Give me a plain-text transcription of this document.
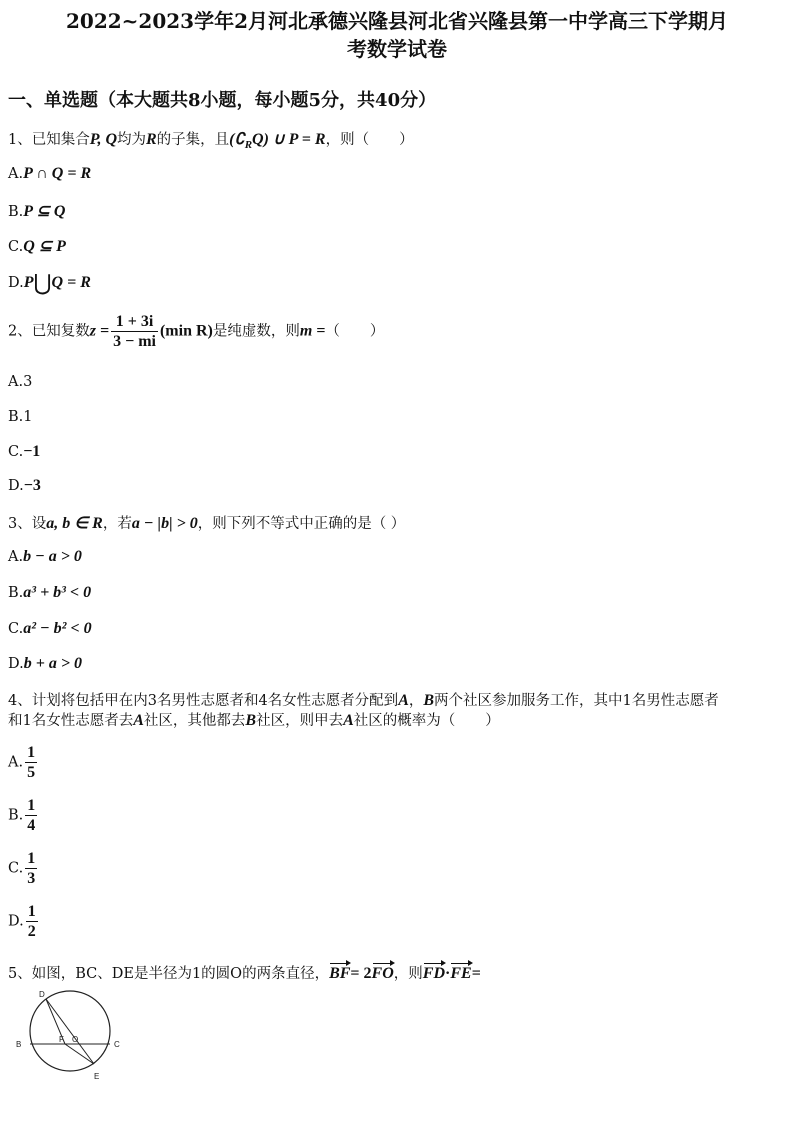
2022~2023学年2月河北承德兴隆县河北省兴隆县第一中学高三下学期月
考数学试卷
一、单选题（本大题共8小题，每小题5分，共40分）
1、已知集合P, Q均为R的子集，且$(∁_RQ)$ ∪ P = R，则（ ）
A.P ∩ Q = R
B.P ⊆ Q
C.Q ⊆ P
D.P⋃Q = R
2、已知复数$z = \frac{1 + 3i}{3 - mi} (\min$ R)是纯虚数，则m =（ ）
A.3
B.1
C.−1
D.−3
3、设a, b ∈ R，若a − |b| > 0，则下列不等式中正确的是（ ）
A.b − a > 0
B.a³ + b³ < 0
C.a² − b² < 0
D.b + a > 0
4、计划将包括甲在内3名男性志愿者和4名女性志愿者分配到A，B两个社区参加服务工作，其中1名男性志愿者
和1名女性志愿者去A社区，其他都去B社区，则甲去A社区的概率为（ ）
A. $\frac{1}{5}$
B. $\frac{1}{4}$
C. $\frac{1}{3}$
D. $\frac{1}{2}$
5、如图，BC、DE是半径为1的圆O的两条直径，BF= 2FO，则FD·FE=
B	C
D
E
F O
